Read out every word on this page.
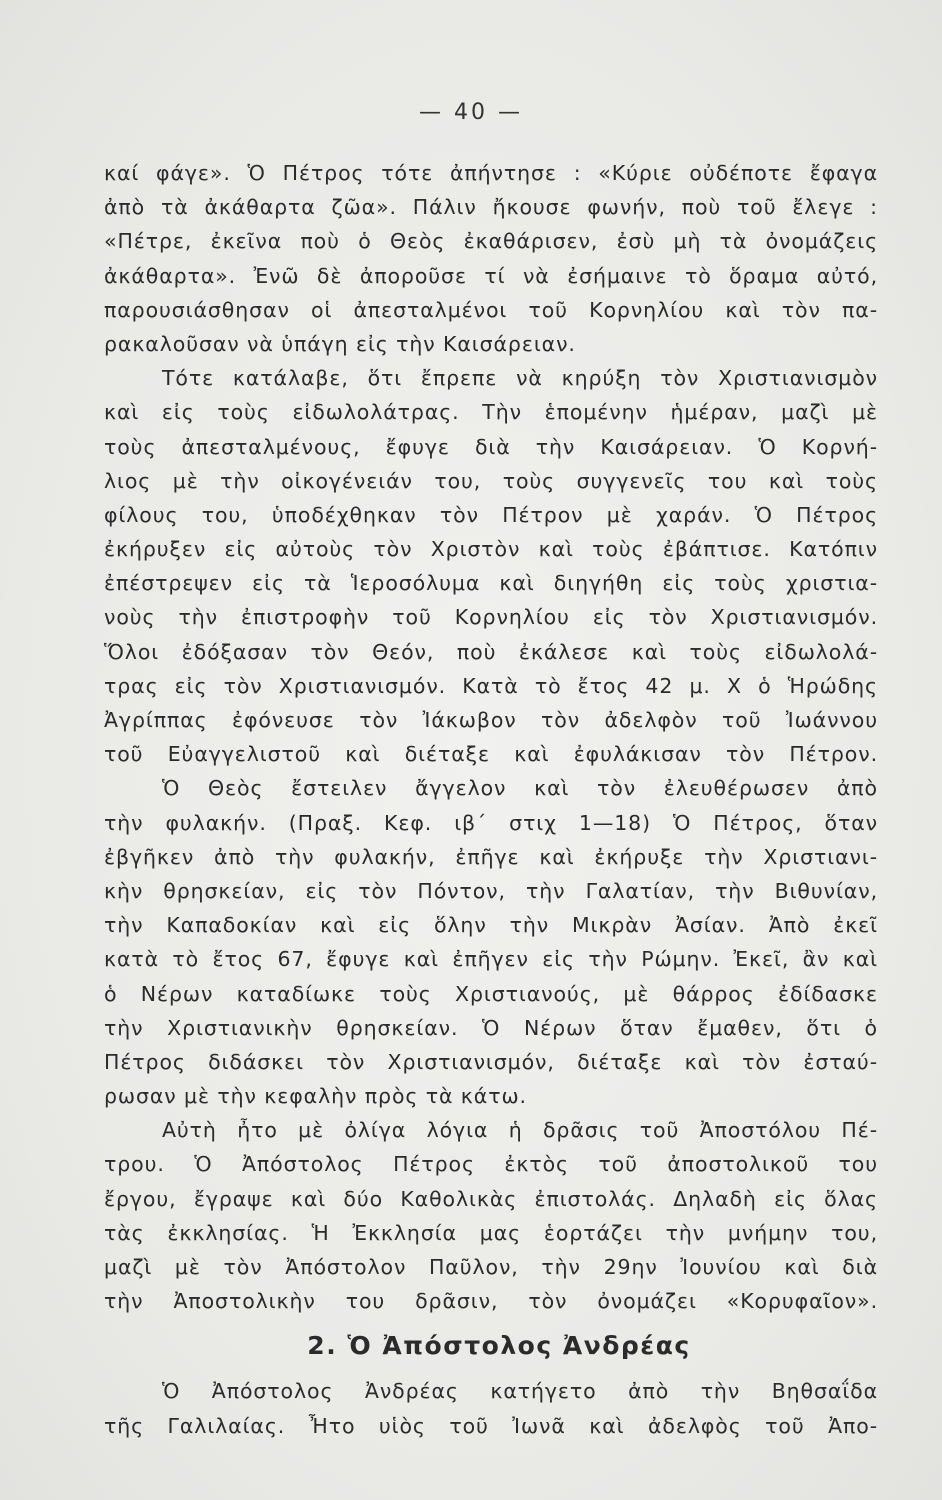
— 40 —
καί φάγε». Ὁ Πέτρος τότε ἀπήντησε : «Κύριε οὐδέποτε ἔφαγα
ἀπὸ τὰ ἀκάθαρτα ζῶα». Πάλιν ἤκουσε φωνήν, ποὺ τοῦ ἔλεγε :
«Πέτρε, ἐκεῖνα ποὺ ὁ Θεὸς ἐκαθάρισεν, ἐσὺ μὴ τὰ ὀνομάζεις
ἀκάθαρτα». Ἐνῶ δὲ ἀποροῦσε τί νὰ ἐσήμαινε τὸ ὅραμα αὐτό,
παρουσιάσθησαν οἱ ἀπεσταλμένοι τοῦ Κορνηλίου καὶ τὸν πα-
ρακαλοῦσαν νὰ ὑπάγη εἰς τὴν Καισάρειαν.
Τότε κατάλαβε, ὅτι ἔπρεπε νὰ κηρύξη τὸν Χριστιανισμὸν
καὶ εἰς τοὺς εἰδωλολάτρας. Τὴν ἑπομένην ἡμέραν, μαζὶ μὲ
τοὺς ἀπεσταλμένους, ἔφυγε διὰ τὴν Καισάρειαν. Ὁ Κορνή-
λιος μὲ τὴν οἰκογένειάν του, τοὺς συγγενεῖς του καὶ τοὺς
φίλους του, ὑποδέχθηκαν τὸν Πέτρον μὲ χαράν. Ὁ Πέτρος
ἐκήρυξεν εἰς αὐτοὺς τὸν Χριστὸν καὶ τοὺς ἐβάπτισε. Κατόπιν
ἐπέστρεψεν εἰς τὰ Ἱεροσόλυμα καὶ διηγήθη εἰς τοὺς χριστια-
νοὺς τὴν ἐπιστροφὴν τοῦ Κορνηλίου εἰς τὸν Χριστιανισμόν.
Ὅλοι ἐδόξασαν τὸν Θεόν, ποὺ ἐκάλεσε καὶ τοὺς εἰδωλολά-
τρας εἰς τὸν Χριστιανισμόν. Κατὰ τὸ ἔτος 42 μ. Χ ὁ Ἡρώδης
Ἀγρίππας ἐφόνευσε τὸν Ἰάκωβον τὸν ἀδελφὸν τοῦ Ἰωάννου
τοῦ Εὐαγγελιστοῦ καὶ διέταξε καὶ ἐφυλάκισαν τὸν Πέτρον.
Ὁ Θεὸς ἔστειλεν ἄγγελον καὶ τὸν ἐλευθέρωσεν ἀπὸ
τὴν φυλακήν. (Πραξ. Κεφ. ιβ΄ στιχ 1—18) Ὁ Πέτρος, ὅταν
ἐβγῆκεν ἀπὸ τὴν φυλακήν, ἐπῆγε καὶ ἐκήρυξε τὴν Χριστιανι-
κὴν θρησκείαν, εἰς τὸν Πόντον, τὴν Γαλατίαν, τὴν Βιθυνίαν,
τὴν Καπαδοκίαν καὶ εἰς ὅλην τὴν Μικρὰν Ἀσίαν. Ἀπὸ ἐκεῖ
κατὰ τὸ ἔτος 67, ἔφυγε καὶ ἐπῆγεν εἰς τὴν Ρώμην. Ἐκεῖ, ἂν καὶ
ὁ Νέρων καταδίωκε τοὺς Χριστιανούς, μὲ θάρρος ἐδίδασκε
τὴν Χριστιανικὴν θρησκείαν. Ὁ Νέρων ὅταν ἔμαθεν, ὅτι ὁ
Πέτρος διδάσκει τὸν Χριστιανισμόν, διέταξε καὶ τὸν ἐσταύ-
ρωσαν μὲ τὴν κεφαλὴν πρὸς τὰ κάτω.
Αὐτὴ ἦτο μὲ ὀλίγα λόγια ἡ δρᾶσις τοῦ Ἀποστόλου Πέ-
τρου. Ὁ Ἀπόστολος Πέτρος ἐκτὸς τοῦ ἀποστολικοῦ του
ἔργου, ἔγραψε καὶ δύο Καθολικὰς ἐπιστολάς. Δηλαδὴ εἰς ὅλας
τὰς ἐκκλησίας. Ἡ Ἐκκλησία μας ἑορτάζει τὴν μνήμην του,
μαζὶ μὲ τὸν Ἀπόστολον Παῦλον, τὴν 29ην Ἰουνίου καὶ διὰ
τὴν Ἀποστολικὴν του δρᾶσιν, τὸν ὀνομάζει «Κορυφαῖον».
2. Ὁ Ἀπόστολος Ἀνδρέας
Ὁ Ἀπόστολος Ἀνδρέας κατήγετο ἀπὸ τὴν Βηθσαΐδα
τῆς Γαλιλαίας. Ἦτο υἱὸς τοῦ Ἰωνᾶ καὶ ἀδελφὸς τοῦ Ἀπο-
